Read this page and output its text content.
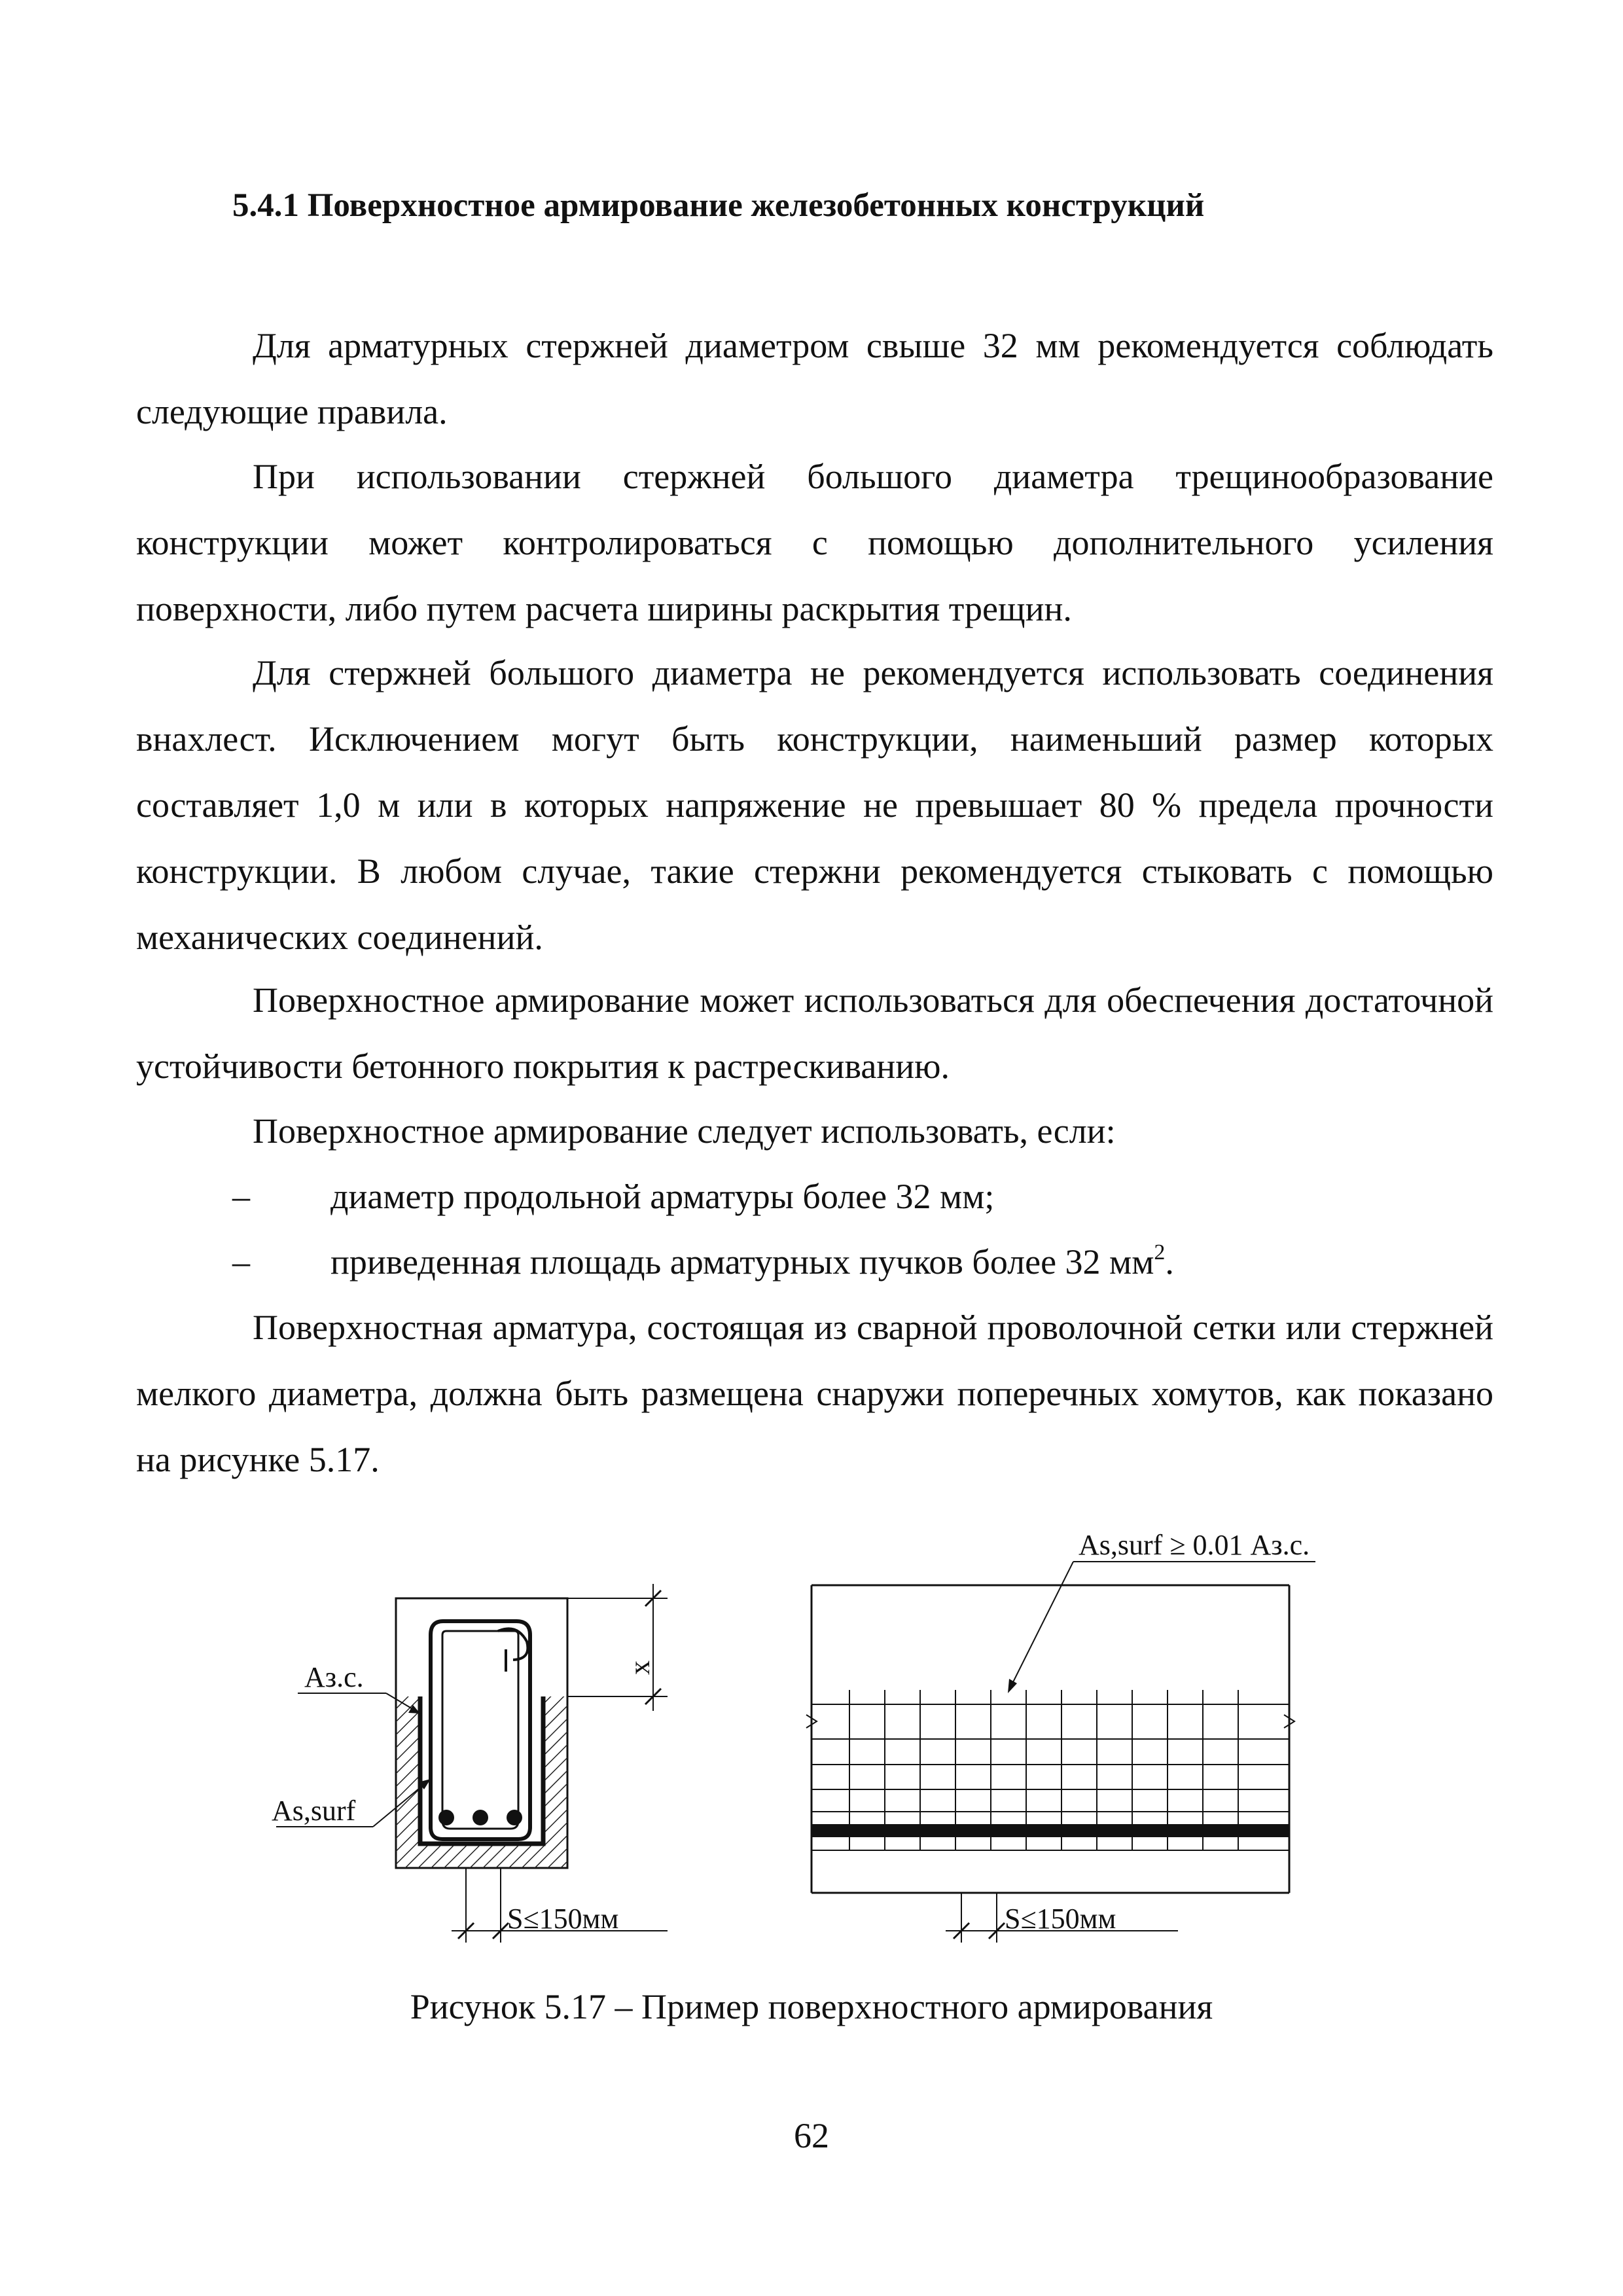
5.4.1 Поверхностное армирование железобетонных конструкций

Для арматурных стержней диаметром свыше 32 мм рекомендуется соблюдать следующие правила.

При использовании стержней большого диаметра трещинообразование конструкции может контролироваться с помощью дополнительного усиления поверхности, либо путем расчета ширины раскрытия трещин.

Для стержней большого диаметра не рекомендуется использовать соединения внахлест. Исключением могут быть конструкции, наименьший размер которых составляет 1,0 м или в которых напряжение не превышает 80 % предела прочности конструкции. В любом случае, такие стержни рекомендуется стыковать с помощью механических соединений.

Поверхностное армирование может использоваться для обеспечения достаточной устойчивости бетонного покрытия к растрескиванию.

Поверхностное армирование следует использовать, если:

– диаметр продольной арматуры более 32 мм;
– приведенная площадь арматурных пучков более 32 $мм^2$.

Поверхностная арматура, состоящая из сварной проволочной сетки или стержней мелкого диаметра, должна быть размещена снаружи поперечных хомутов, как показано на рисунке 5.17.

x
Аз.с.
As,surf
S≤150мм
As,surf ≥ 0.01 Аз.с.
S≤150мм
Рисунок 5.17 – Пример поверхностного армирования
62
